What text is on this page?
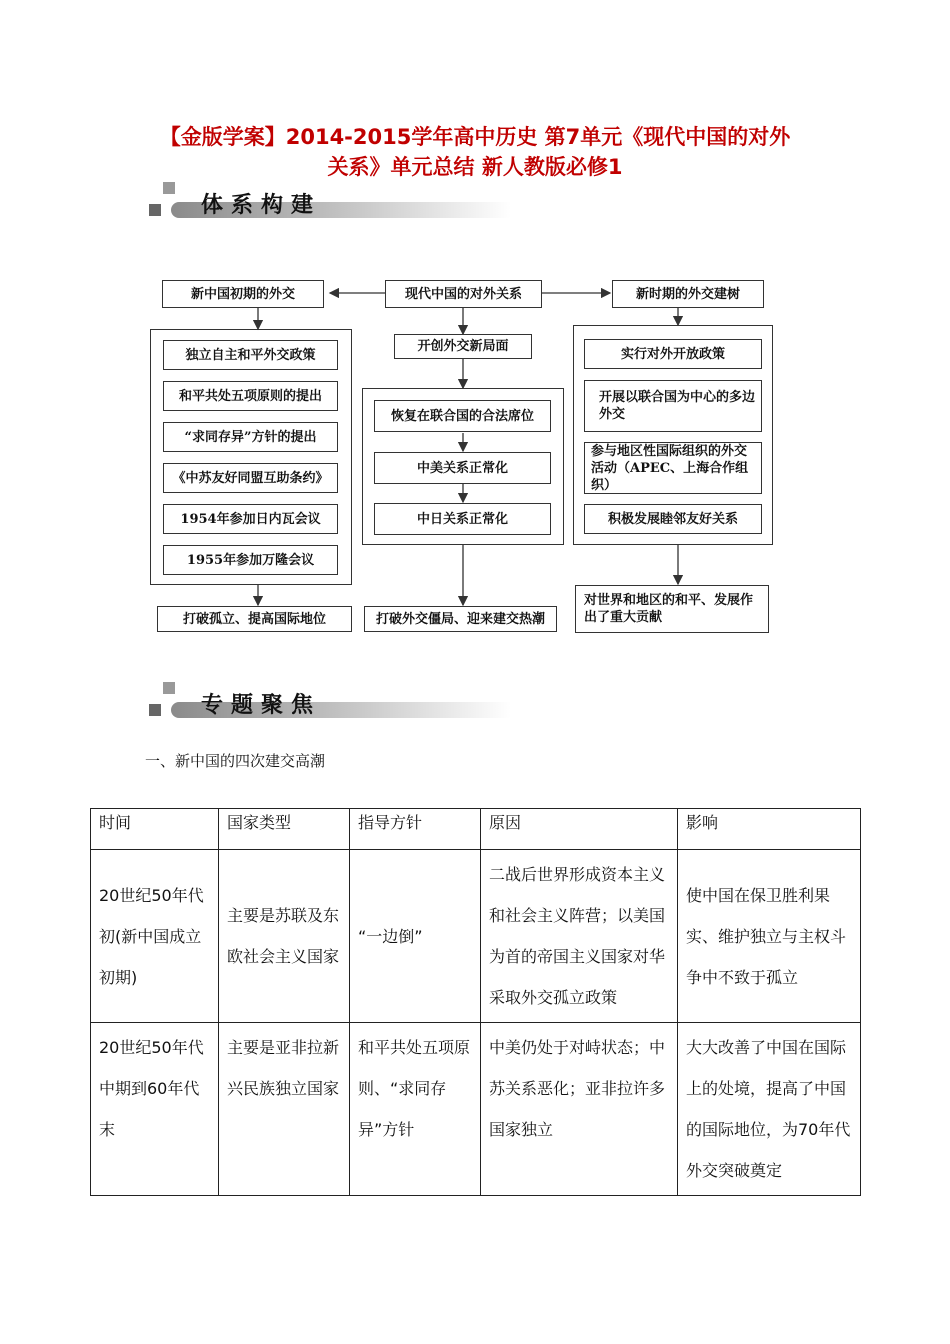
【金版学案】2014-2015学年高中历史 第7单元《现代中国的对外
关系》单元总结 新人教版必修1
体系构建
新中国初期的外交	现代中国的对外关系	新时期的外交建树
独立自主和平外交政策
和平共处五项原则的提出
“求同存异”方针的提出
《中苏友好同盟互助条约》
1954年参加日内瓦会议
1955年参加万隆会议
打破孤立、提高国际地位
开创外交新局面
恢复在联合国的合法席位
中美关系正常化
中日关系正常化
打破外交僵局、迎来建交热潮
实行对外开放政策
开展以联合国为中心的多边外交
参与地区性国际组织的外交活动（APEC、上海合作组织）
积极发展睦邻友好关系
对世界和地区的和平、发展作出了重大贡献
专题聚焦
一、新中国的四次建交高潮
时间	国家类型	指导方针	原因	影响
20世纪50年代初(新中国成立初期)	主要是苏联及东欧社会主义国家	“一边倒”	二战后世界形成资本主义和社会主义阵营；以美国为首的帝国主义国家对华采取外交孤立政策	使中国在保卫胜利果实、维护独立与主权斗争中不致于孤立
20世纪50年代中期到60年代末	主要是亚非拉新兴民族独立国家	和平共处五项原则、“求同存异”方针	中美仍处于对峙状态；中苏关系恶化；亚非拉许多国家独立	大大改善了中国在国际上的处境，提高了中国的国际地位，为70年代外交突破奠定
